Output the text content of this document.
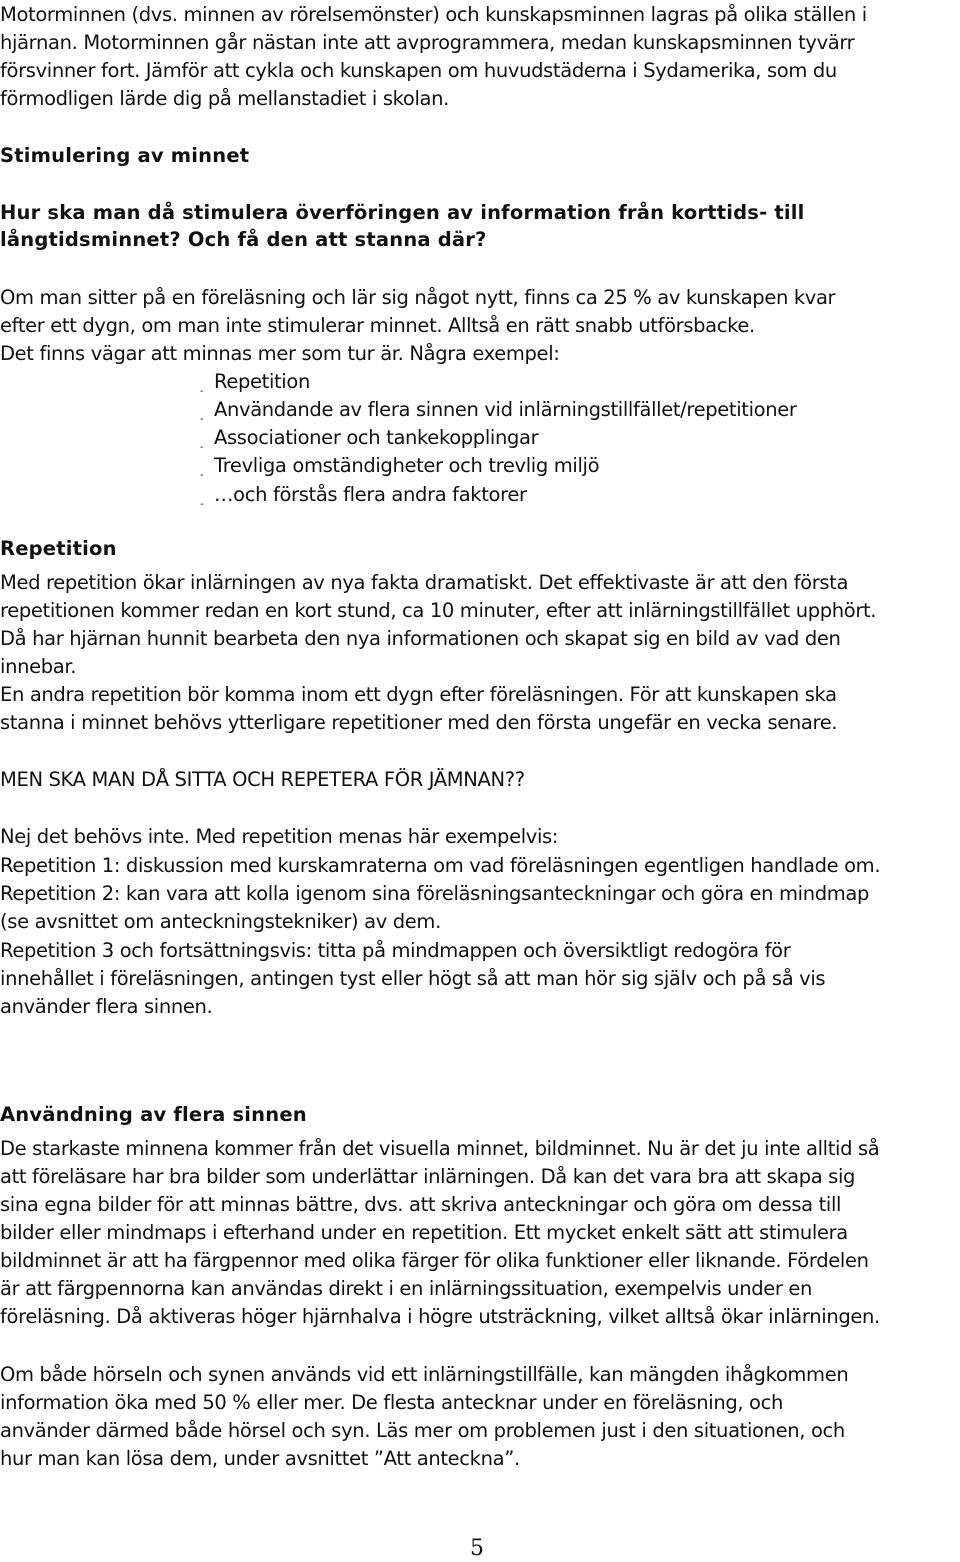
Motorminnen (dvs. minnen av rörelsemönster) och kunskapsminnen lagras på olika ställen i
hjärnan. Motorminnen går nästan inte att avprogrammera, medan kunskapsminnen tyvärr
försvinner fort. Jämför att cykla och kunskapen om huvudstäderna i Sydamerika, som du
förmodligen lärde dig på mellanstadiet i skolan.
Stimulering av minnet
Hur ska man då stimulera överföringen av information från korttids- till
långtidsminnet? Och få den att stanna där?
Om man sitter på en föreläsning och lär sig något nytt, finns ca 25 % av kunskapen kvar
efter ett dygn, om man inte stimulerar minnet. Alltså en rätt snabb utförsbacke.
Det finns vägar att minnas mer som tur är. Några exempel:
- Repetition
- Användande av flera sinnen vid inlärningstillfället/repetitioner
- Associationer och tankekopplingar
- Trevliga omständigheter och trevlig miljö
- …och förstås flera andra faktorer
Repetition
Med repetition ökar inlärningen av nya fakta dramatiskt. Det effektivaste är att den första
repetitionen kommer redan en kort stund, ca 10 minuter, efter att inlärningstillfället upphört.
Då har hjärnan hunnit bearbeta den nya informationen och skapat sig en bild av vad den
innebar.
En andra repetition bör komma inom ett dygn efter föreläsningen. För att kunskapen ska
stanna i minnet behövs ytterligare repetitioner med den första ungefär en vecka senare.
MEN SKA MAN DÅ SITTA OCH REPETERA FÖR JÄMNAN??
Nej det behövs inte. Med repetition menas här exempelvis:
Repetition 1: diskussion med kurskamraterna om vad föreläsningen egentligen handlade om.
Repetition 2: kan vara att kolla igenom sina föreläsningsanteckningar och göra en mindmap
(se avsnittet om anteckningstekniker) av dem.
Repetition 3 och fortsättningsvis: titta på mindmappen och översiktligt redogöra för
innehållet i föreläsningen, antingen tyst eller högt så att man hör sig själv och på så vis
använder flera sinnen.
Användning av flera sinnen
De starkaste minnena kommer från det visuella minnet, bildminnet. Nu är det ju inte alltid så
att föreläsare har bra bilder som underlättar inlärningen. Då kan det vara bra att skapa sig
sina egna bilder för att minnas bättre, dvs. att skriva anteckningar och göra om dessa till
bilder eller mindmaps i efterhand under en repetition. Ett mycket enkelt sätt att stimulera
bildminnet är att ha färgpennor med olika färger för olika funktioner eller liknande. Fördelen
är att färgpennorna kan användas direkt i en inlärningssituation, exempelvis under en
föreläsning. Då aktiveras höger hjärnhalva i högre utsträckning, vilket alltså ökar inlärningen.
Om både hörseln och synen används vid ett inlärningstillfälle, kan mängden ihågkommen
information öka med 50 % eller mer. De flesta antecknar under en föreläsning, och
använder därmed både hörsel och syn. Läs mer om problemen just i den situationen, och
hur man kan lösa dem, under avsnittet ”Att anteckna”.
5
